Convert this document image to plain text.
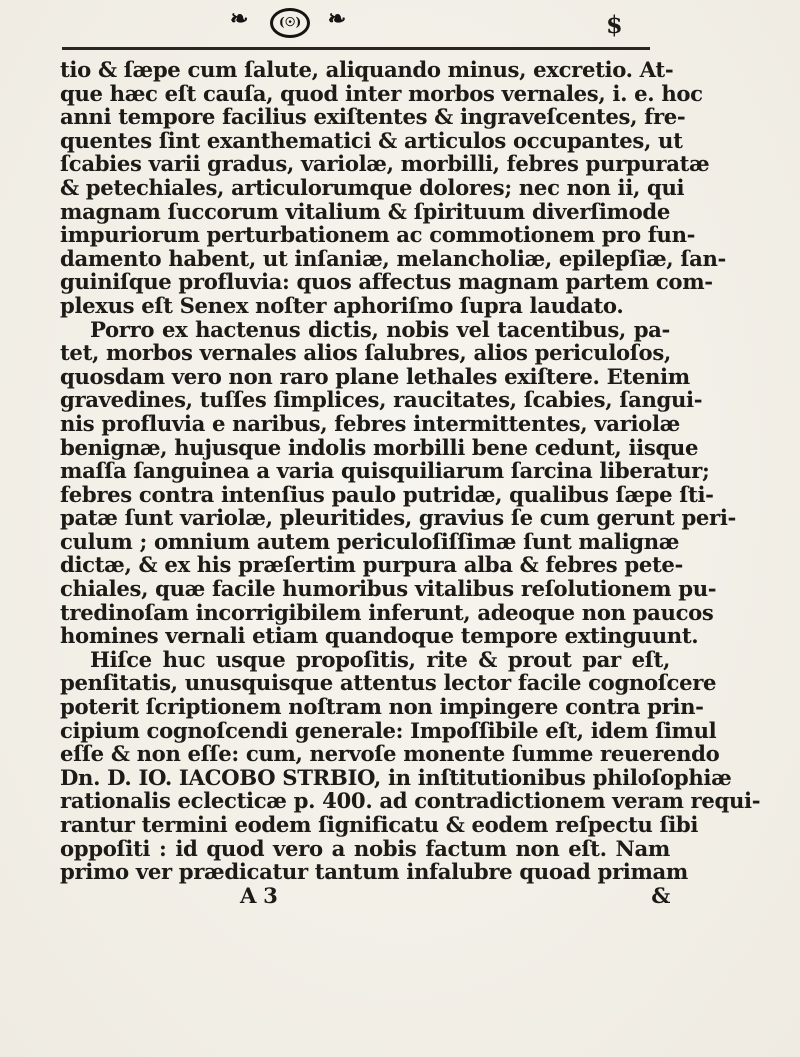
❧ (☉) ❧	$
tio & ſæpe cum ſalute, aliquando minus, excretio. At-
que hæc eſt cauſa, quod inter morbos vernales, i. e. hoc
anni tempore facilius exiſtentes & ingraveſcentes, fre-
quentes ſint exanthematici & articulos occupantes, ut
ſcabies varii gradus, variolæ, morbilli, febres purpuratæ
& petechiales, articulorumque dolores; nec non ii, qui
magnam ſuccorum vitalium & ſpirituum diverſimode
impuriorum perturbationem ac commotionem pro fun-
damento habent, ut inſaniæ, melancholiæ, epilepſiæ, ſan-
guiniſque profluvia: quos affectus magnam partem com-
plexus eſt Senex noſter aphoriſmo ſupra laudato.
Porro ex hactenus dictis, nobis vel tacentibus, pa-
tet, morbos vernales alios ſalubres, alios periculoſos,
quosdam vero non raro plane lethales exiſtere. Etenim
gravedines, tuſſes ſimplices, raucitates, ſcabies, ſangui-
nis profluvia e naribus, febres intermittentes, variolæ
benignæ, hujusque indolis morbilli bene cedunt, iisque
maſſa ſanguinea a varia quisquiliarum ſarcina liberatur;
febres contra intenſius paulo putridæ, qualibus ſæpe ſti-
patæ ſunt variolæ, pleuritides, gravius ſe cum gerunt peri-
culum ; omnium autem periculoſiſſimæ ſunt malignæ
dictæ, & ex his præſertim purpura alba & febres pete-
chiales, quæ facile humoribus vitalibus reſolutionem pu-
tredinoſam incorrigibilem inferunt, adeoque non paucos
homines vernali etiam quandoque tempore extinguunt.
Hiſce huc usque propoſitis, rite & prout par eſt,
penſitatis, unusquisque attentus lector facile cognoſcere
poterit ſcriptionem noſtram non impingere contra prin-
cipium cognoſcendi generale: Impoſſibile eſt, idem ſimul
eſſe & non eſſe: cum, nervoſe monente ſumme reuerendo
Dn. D. IO. IACOBO STRBIO, in inſtitutionibus philoſophiæ
rationalis eclecticæ p. 400. ad contradictionem veram requi-
rantur termini eodem ſignificatu & eodem reſpectu ſibi
oppoſiti : id quod vero a nobis factum non eſt. Nam
primo ver prædicatur tantum infalubre quoad primam
A 3	&
